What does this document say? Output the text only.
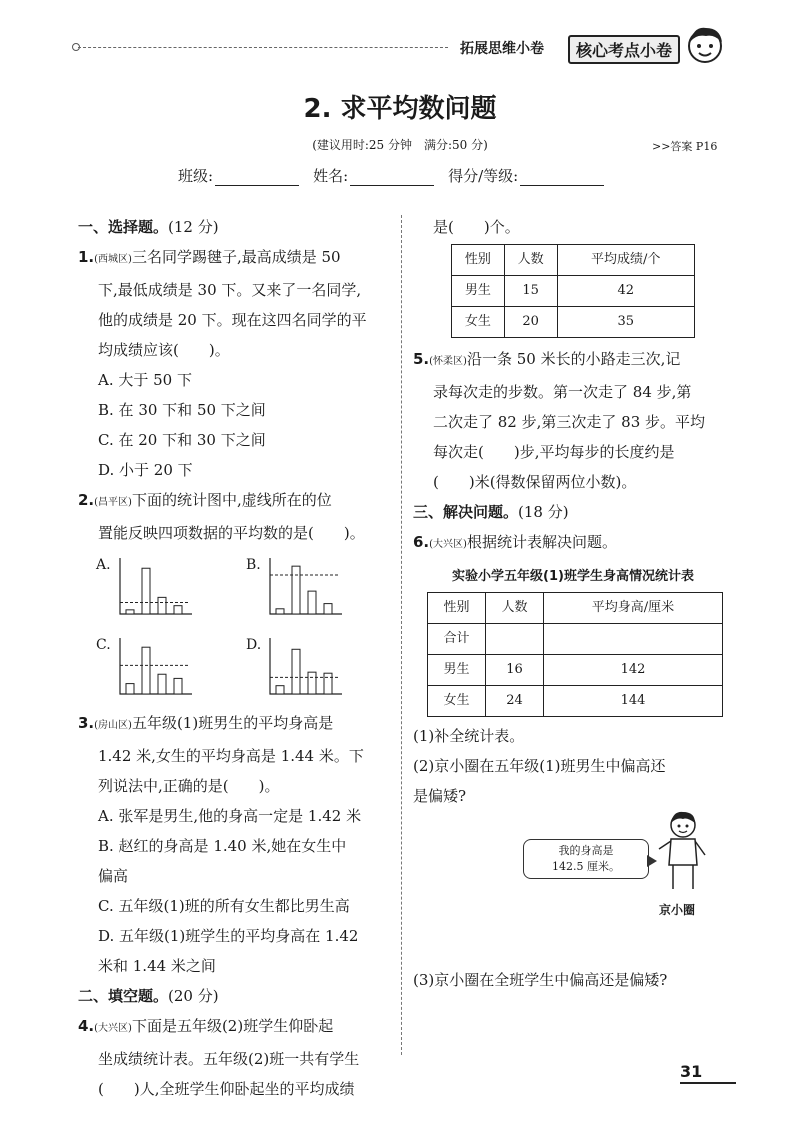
拓展思维小卷	核心考点小卷
2. 求平均数问题
(建议用时:25 分钟　满分:50 分)	>>答案 P16
班级:	姓名:	得分/等级:
一、选择题。(12 分)
1.(西城区)三名同学踢毽子,最高成绩是 50
下,最低成绩是 30 下。又来了一名同学,
他的成绩是 20 下。现在这四名同学的平
均成绩应该(　　)。
A. 大于 50 下
B. 在 30 下和 50 下之间
C. 在 20 下和 30 下之间
D. 小于 20 下
2.(昌平区)下面的统计图中,虚线所在的位
置能反映四项数据的平均数的是(　　)。
A.	B.
C.	D.
3.(房山区)五年级(1)班男生的平均身高是
1.42 米,女生的平均身高是 1.44 米。下
列说法中,正确的是(　　)。
A. 张军是男生,他的身高一定是 1.42 米
B. 赵红的身高是 1.40 米,她在女生中
偏高
C. 五年级(1)班的所有女生都比男生高
D. 五年级(1)班学生的平均身高在 1.42
米和 1.44 米之间
二、填空题。(20 分)
4.(大兴区)下面是五年级(2)班学生仰卧起
坐成绩统计表。五年级(2)班一共有学生
(　　)人,全班学生仰卧起坐的平均成绩
是(　　)个。
性别	人数	平均成绩/个
男生	15	42
女生	20	35
5.(怀柔区)沿一条 50 米长的小路走三次,记
录每次走的步数。第一次走了 84 步,第
二次走了 82 步,第三次走了 83 步。平均
每次走(　　)步,平均每步的长度约是
(　　)米(得数保留两位小数)。
三、解决问题。(18 分)
6.(大兴区)根据统计表解决问题。
实验小学五年级(1)班学生身高情况统计表
性别	人数	平均身高/厘米
合计		
男生	16	142
女生	24	144
(1)补全统计表。
(2)京小圈在五年级(1)班男生中偏高还
是偏矮?
我的身高是
142.5 厘米。
京小圈
(3)京小圈在全班学生中偏高还是偏矮?
31
